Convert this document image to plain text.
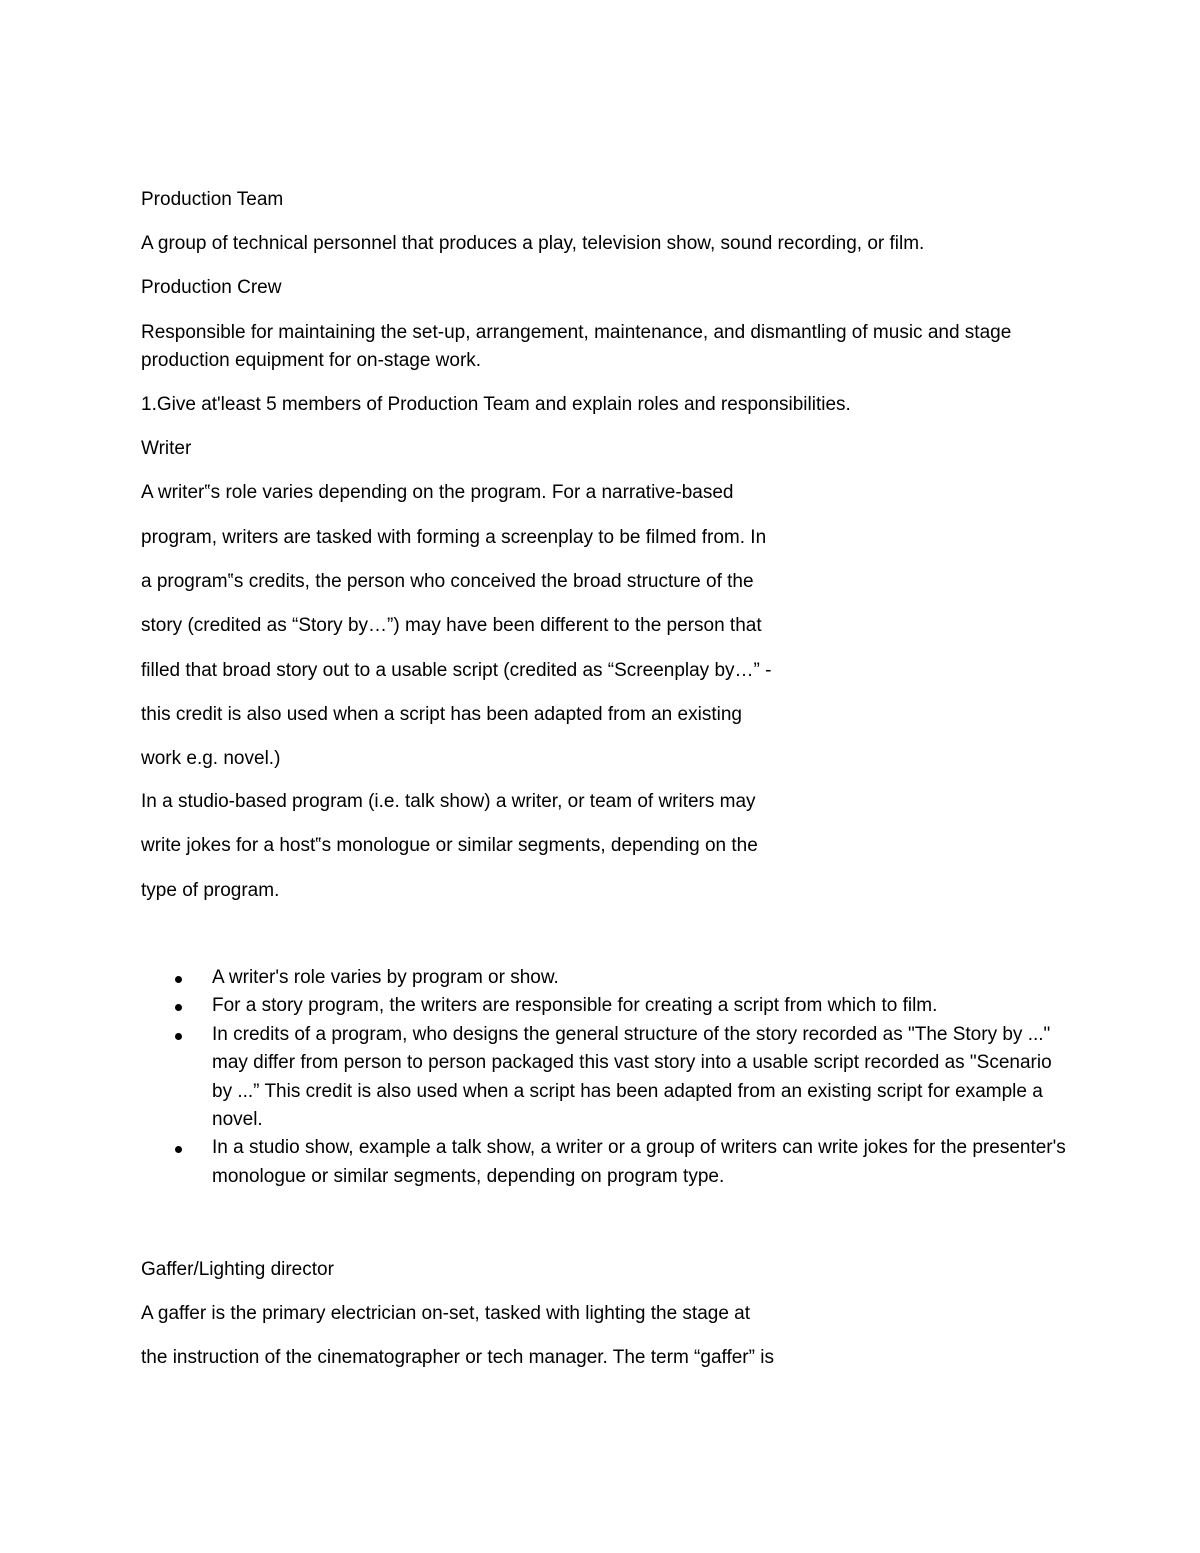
Production Team

A group of technical personnel that produces a play, television show, sound recording, or film.

Production Crew

Responsible for maintaining the set-up, arrangement, maintenance, and dismantling of music and stage

production equipment for on-stage work.

1.Give at'least 5 members of Production Team and explain roles and responsibilities.

Writer

A writer‟s role varies depending on the program. For a narrative-based

program, writers are tasked with forming a screenplay to be filmed from. In

a program‟s credits, the person who conceived the broad structure of the

story (credited as “Story by…”) may have been different to the person that

filled that broad story out to a usable script (credited as “Screenplay by…” -

this credit is also used when a script has been adapted from an existing

work e.g. novel.)

In a studio-based program (i.e. talk show) a writer, or team of writers may

write jokes for a host‟s monologue or similar segments, depending on the

type of program.

A writer's role varies by program or show.
For a story program, the writers are responsible for creating a script from which to film.
In credits of a program, who designs the general structure of the story recorded as "The Story by ..." may differ from person to person packaged this vast story into a usable script recorded as "Scenario by ...” This credit is also used when a script has been adapted from an existing script for example a novel.
In a studio show, example a talk show, a writer or a group of writers can write jokes for the presenter's monologue or similar segments, depending on program type.

Gaffer/Lighting director

A gaffer is the primary electrician on-set, tasked with lighting the stage at

the instruction of the cinematographer or tech manager. The term “gaffer” is
